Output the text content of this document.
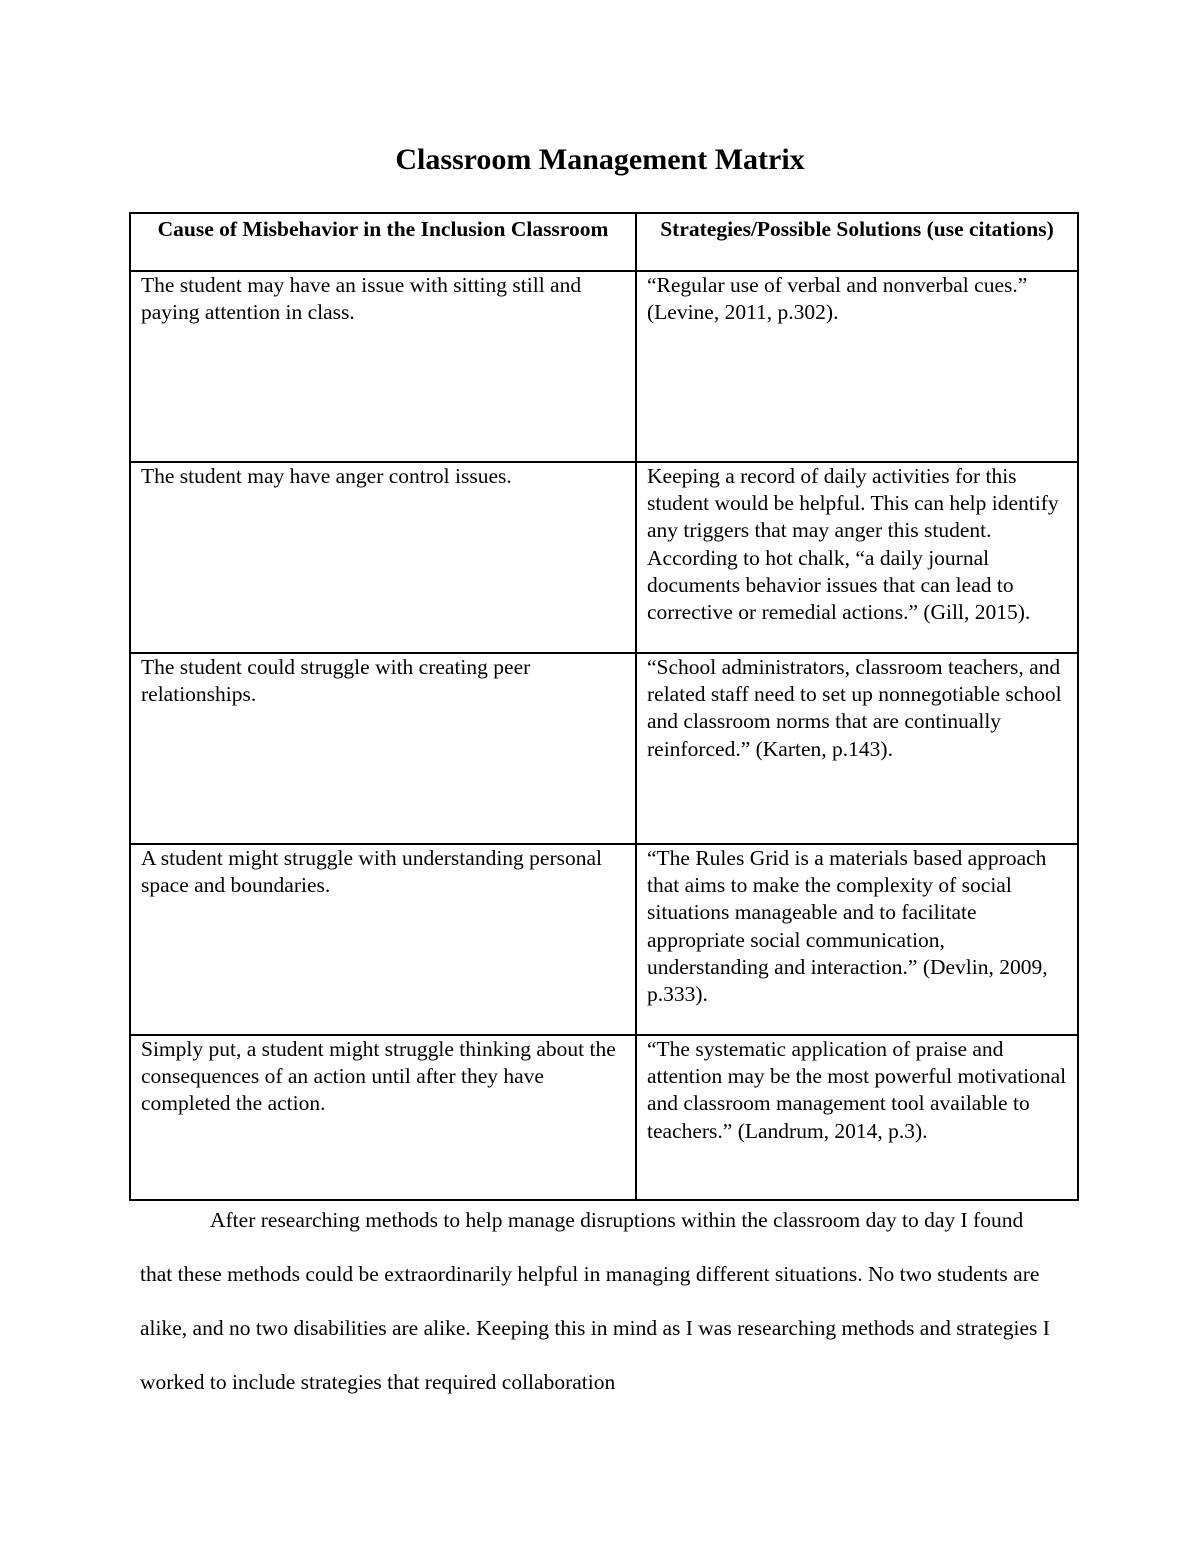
Classroom Management Matrix
Cause of Misbehavior in the Inclusion Classroom	Strategies/Possible Solutions (use citations)
The student may have an issue with sitting still and paying attention in class.	“Regular use of verbal and nonverbal cues.” (Levine, 2011, p.302).
The student may have anger control issues.	Keeping a record of daily activities for this student would be helpful. This can help identify any triggers that may anger this student. According to hot chalk, “a daily journal documents behavior issues that can lead to corrective or remedial actions.” (Gill, 2015).
The student could struggle with creating peer relationships.	“School administrators, classroom teachers, and related staff need to set up nonnegotiable school and classroom norms that are continually reinforced.” (Karten, p.143).
A student might struggle with understanding personal space and boundaries.	“The Rules Grid is a materials based approach that aims to make the complexity of social situations manageable and to facilitate appropriate social communication, understanding and interaction.” (Devlin, 2009, p.333).
Simply put, a student might struggle thinking about the consequences of an action until after they have completed the action.	“The systematic application of praise and attention may be the most powerful motivational and classroom management tool available to teachers.” (Landrum, 2014, p.3).
After researching methods to help manage disruptions within the classroom day to day I found that these methods could be extraordinarily helpful in managing different situations. No two students are alike, and no two disabilities are alike. Keeping this in mind as I was researching methods and strategies I worked to include strategies that required collaboration
